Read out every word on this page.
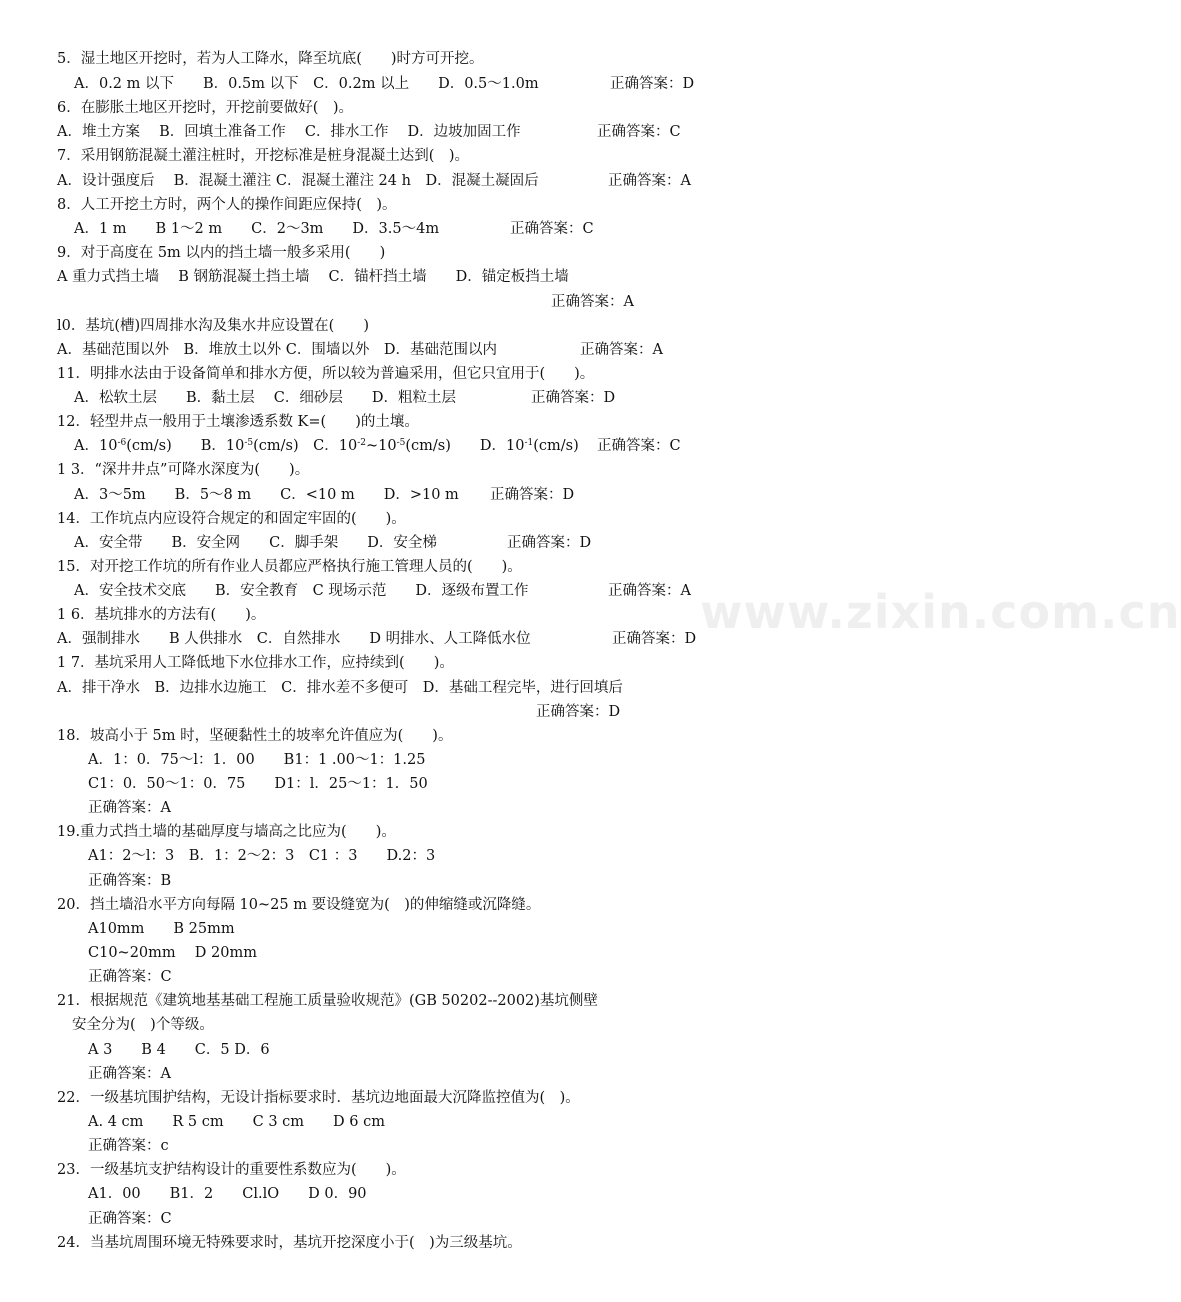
www.zixin.com.cn
5．湿土地区开挖时，若为人工降水，降至坑底(　　)时方可开挖。
A．0.2 m 以下　　B．0.5m 以下　C．0.2m 以上　　D．0.5～1.0m	正确答案：D
6．在膨胀土地区开挖时，开挖前要做好(　)。
A．堆土方案　 B．回填土准备工作　 C．排水工作　 D．边坡加固工作	正确答案：C
7．采用钢筋混凝土灌注桩时，开挖标准是桩身混凝土达到(　)。
A．设计强度后　 B．混凝土灌注 C．混凝土灌注 24 h　D．混凝土凝固后	正确答案：A
8．人工开挖土方时，两个人的操作间距应保持(　)。
A．1 m　　B 1～2 m　　C．2～3m　　D．3.5～4m	正确答案：C
9．对于高度在 5m 以内的挡土墙一般多采用(　　)
A 重力式挡土墙　 B 钢筋混凝土挡土墙　 C．锚杆挡土墙　　D．锚定板挡土墙
正确答案：A
l0．基坑(槽)四周排水沟及集水井应设置在(　　)
A．基础范围以外　B．堆放土以外 C．围墙以外　D．基础范围以内	正确答案：A
11．明排水法由于设备简单和排水方便，所以较为普遍采用，但它只宜用于(　　)。
A．松软土层　　B．黏土层　 C．细砂层　　D．粗粒土层	正确答案：D
12．轻型井点一般用于土壤渗透系数 K=(　　)的土壤。
A．$10^{-6}(cm/s)$　　B．$10^{-5}(cm/s)$　C．$10^{-2}\sim 10^{-5}(cm/s)$　　D．$10^{-1}(cm/s)$ 正确答案：C
1 3．“深井井点”可降水深度为(　　)。
A．3～5m　　B．5～8 m　　C．<10 m　　D．>10 m 正确答案：D
14．工作坑点内应设符合规定的和固定牢固的(　　)。
A．安全带　　B．安全网　　C．脚手架　　D．安全梯	正确答案：D
15．对开挖工作坑的所有作业人员都应严格执行施工管理人员的(　　)。
A．安全技术交底　　B．安全教育　C 现场示范　　D．逐级布置工作	正确答案：A
1 6．基坑排水的方法有(　　)。
A．强制排水　　B 人供排水　C．自然排水　　D 明排水、人工降低水位	正确答案：D
1 7．基坑采用人工降低地下水位排水工作，应持续到(　　)。
A．排干净水　B．边排水边施工　C．排水差不多便可　D．基础工程完毕，进行回填后
正确答案：D
18．坡高小于 5m 时，坚硬黏性土的坡率允许值应为(　　)。
A．1：0．75～l：1．00　　B1：1 .00～1：1.25
C1：0．50～1：0．75　　D1：l．25～1：1．50
正确答案：A
19.重力式挡土墙的基础厚度与墙高之比应为(　　)。
A1：2～l：3　B．1：2～2：3　C1 ：3　　D.2：3
正确答案：B
20．挡土墙沿水平方向每隔 10~25 m 要设缝宽为(　)的伸缩缝或沉降缝。
A10mm　　B 25mm
C10~20mm　 D 20mm
正确答案：C
21．根据规范《建筑地基基础工程施工质量验收规范》(GB 50202--2002)基坑侧壁
安全分为(　)个等级。
A 3　　B 4　　C．5 D．6
正确答案：A
22．一级基坑围护结构，无设计指标要求时．基坑边地面最大沉降监控值为(　)。
A. 4 cm　　R 5 cm　　C 3 cm　　D 6 cm
正确答案：c
23．一级基坑支护结构设计的重要性系数应为(　　)。
A1．00　　B1．2　　Cl.lO　　D 0．90
正确答案：C
24．当基坑周围环境无特殊要求时，基坑开挖深度小于(　)为三级基坑。
